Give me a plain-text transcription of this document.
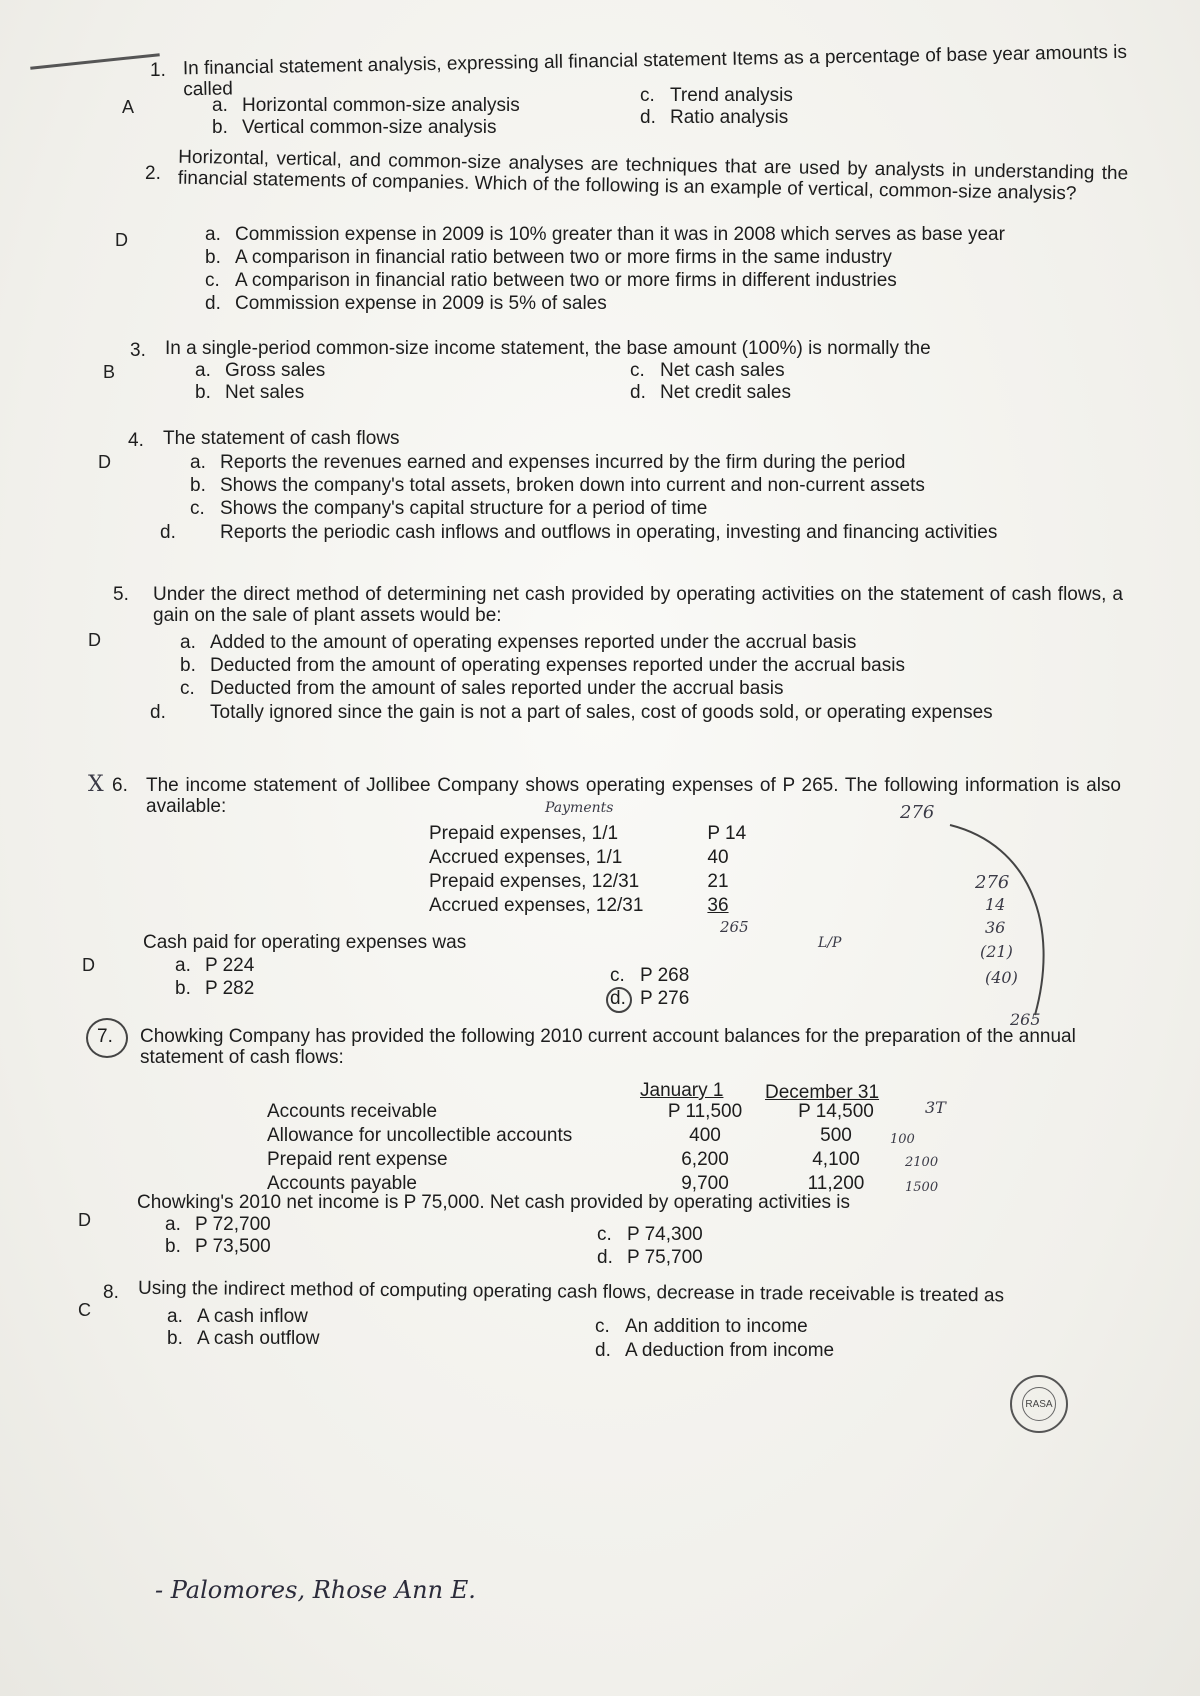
1.
A
In financial statement analysis, expressing all financial statement Items as a percentage of base year amounts is called
a. Horizontal common-size analysis
b. Vertical common-size analysis
c. Trend analysis
d. Ratio analysis
2.
D
Horizontal, vertical, and common-size analyses are techniques that are used by analysts in understanding the financial statements of companies. Which of the following is an example of vertical, common-size analysis?
a. Commission expense in 2009 is 10% greater than it was in 2008 which serves as base year
b. A comparison in financial ratio between two or more firms in the same industry
c. A comparison in financial ratio between two or more firms in different industries
d. Commission expense in 2009 is 5% of sales
3.
B
In a single-period common-size income statement, the base amount (100%) is normally the
a. Gross sales
b. Net sales
c. Net cash sales
d. Net credit sales
4.
D
The statement of cash flows
a. Reports the revenues earned and expenses incurred by the firm during the period
b. Shows the company's total assets, broken down into current and non-current assets
c. Shows the company's capital structure for a period of time
d. Reports the periodic cash inflows and outflows in operating, investing and financing activities
5.
D
Under the direct method of determining net cash provided by operating activities on the statement of cash flows, a gain on the sale of plant assets would be:
a. Added to the amount of operating expenses reported under the accrual basis
b. Deducted from the amount of operating expenses reported under the accrual basis
c. Deducted from the amount of sales reported under the accrual basis
d. Totally ignored since the gain is not a part of sales, cost of goods sold, or operating expenses
X 6.
D
The income statement of Jollibee Company shows operating expenses of P 265. The following information is also available:
Prepaid expenses, 1/1	P 14
Accrued expenses, 1/1	40
Prepaid expenses, 12/31	21
Accrued expenses, 12/31	36
Cash paid for operating expenses was
a. P 224
b. P 282
c. P 268
d. P 276
Payments	276
276
14
36
(21)
(40)
265
265
L/P
7.
D
Chowking Company has provided the following 2010 current account balances for the preparation of the annual statement of cash flows:
January 1 December 31
Accounts receivable	P 11,500	P 14,500
Allowance for uncollectible accounts	400	500
Prepaid rent expense	6,200	4,100
Accounts payable	9,700	11,200
Chowking's 2010 net income is P 75,000. Net cash provided by operating activities is
a. P 72,700
b. P 73,500
c. P 74,300
d. P 75,700
3T
100
2100
1500
8.
C
Using the indirect method of computing operating cash flows, decrease in trade receivable is treated as
a. A cash inflow
b. A cash outflow
c. An addition to income
d. A deduction from income
RASA
- Palomores, Rhose Ann E.
